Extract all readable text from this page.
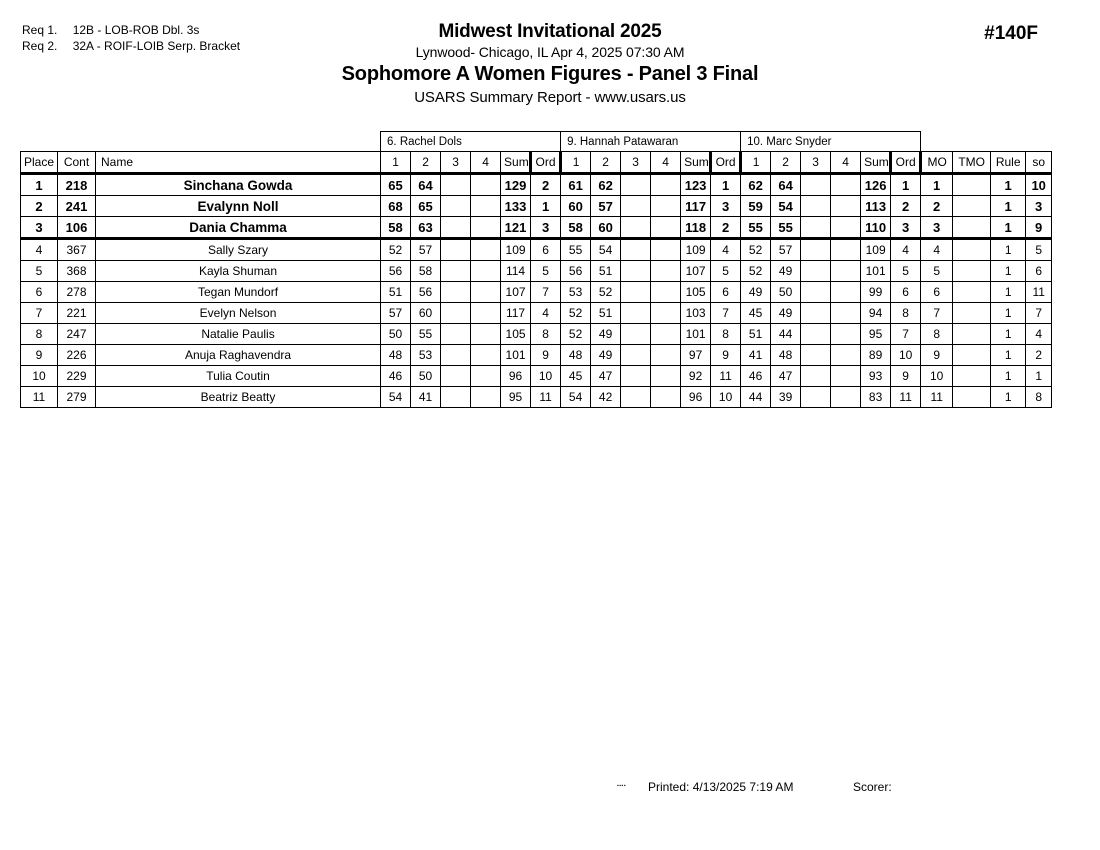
Req 1. 12B - LOB-ROB Dbl. 3s
Req 2. 32A - ROIF-LOIB Serp. Bracket
Midwest Invitational 2025
Lynwood- Chicago, IL Apr 4, 2025 07:30 AM
Sophomore A Women Figures - Panel 3 Final
USARS Summary Report - www.usars.us
#140F
			6. Rachel Dols						9. Hannah Patawaran						10. Marc Snyder									
Place	Cont	Name	1	2	3	4	Sum	Ord	1	2	3	4	Sum	Ord	1	2	3	4	Sum	Ord	MO	TMO	Rule	so
1	218	Sinchana Gowda	65	64			129	2	61	62			123	1	62	64			126	1	1		1	10
2	241	Evalynn Noll	68	65			133	1	60	57			117	3	59	54			113	2	2		1	3
3	106	Dania Chamma	58	63			121	3	58	60			118	2	55	55			110	3	3		1	9
4	367	Sally Szary	52	57			109	6	55	54			109	4	52	57			109	4	4		1	5
5	368	Kayla Shuman	56	58			114	5	56	51			107	5	52	49			101	5	5		1	6
6	278	Tegan Mundorf	51	56			107	7	53	52			105	6	49	50			99	6	6		1	11
7	221	Evelyn Nelson	57	60			117	4	52	51			103	7	45	49			94	8	7		1	7
8	247	Natalie Paulis	50	55			105	8	52	49			101	8	51	44			95	7	8		1	4
9	226	Anuja Raghavendra	48	53			101	9	48	49			97	9	41	48			89	10	9		1	2
10	229	Tulia Coutin	46	50			96	10	45	47			92	11	46	47			93	9	10		1	1
11	279	Beatriz Beatty	54	41			95	11	54	42			96	10	44	39			83	11	11		1	8
▪▪▪▪ Printed: 4/13/2025 7:19 AM	Scorer:
